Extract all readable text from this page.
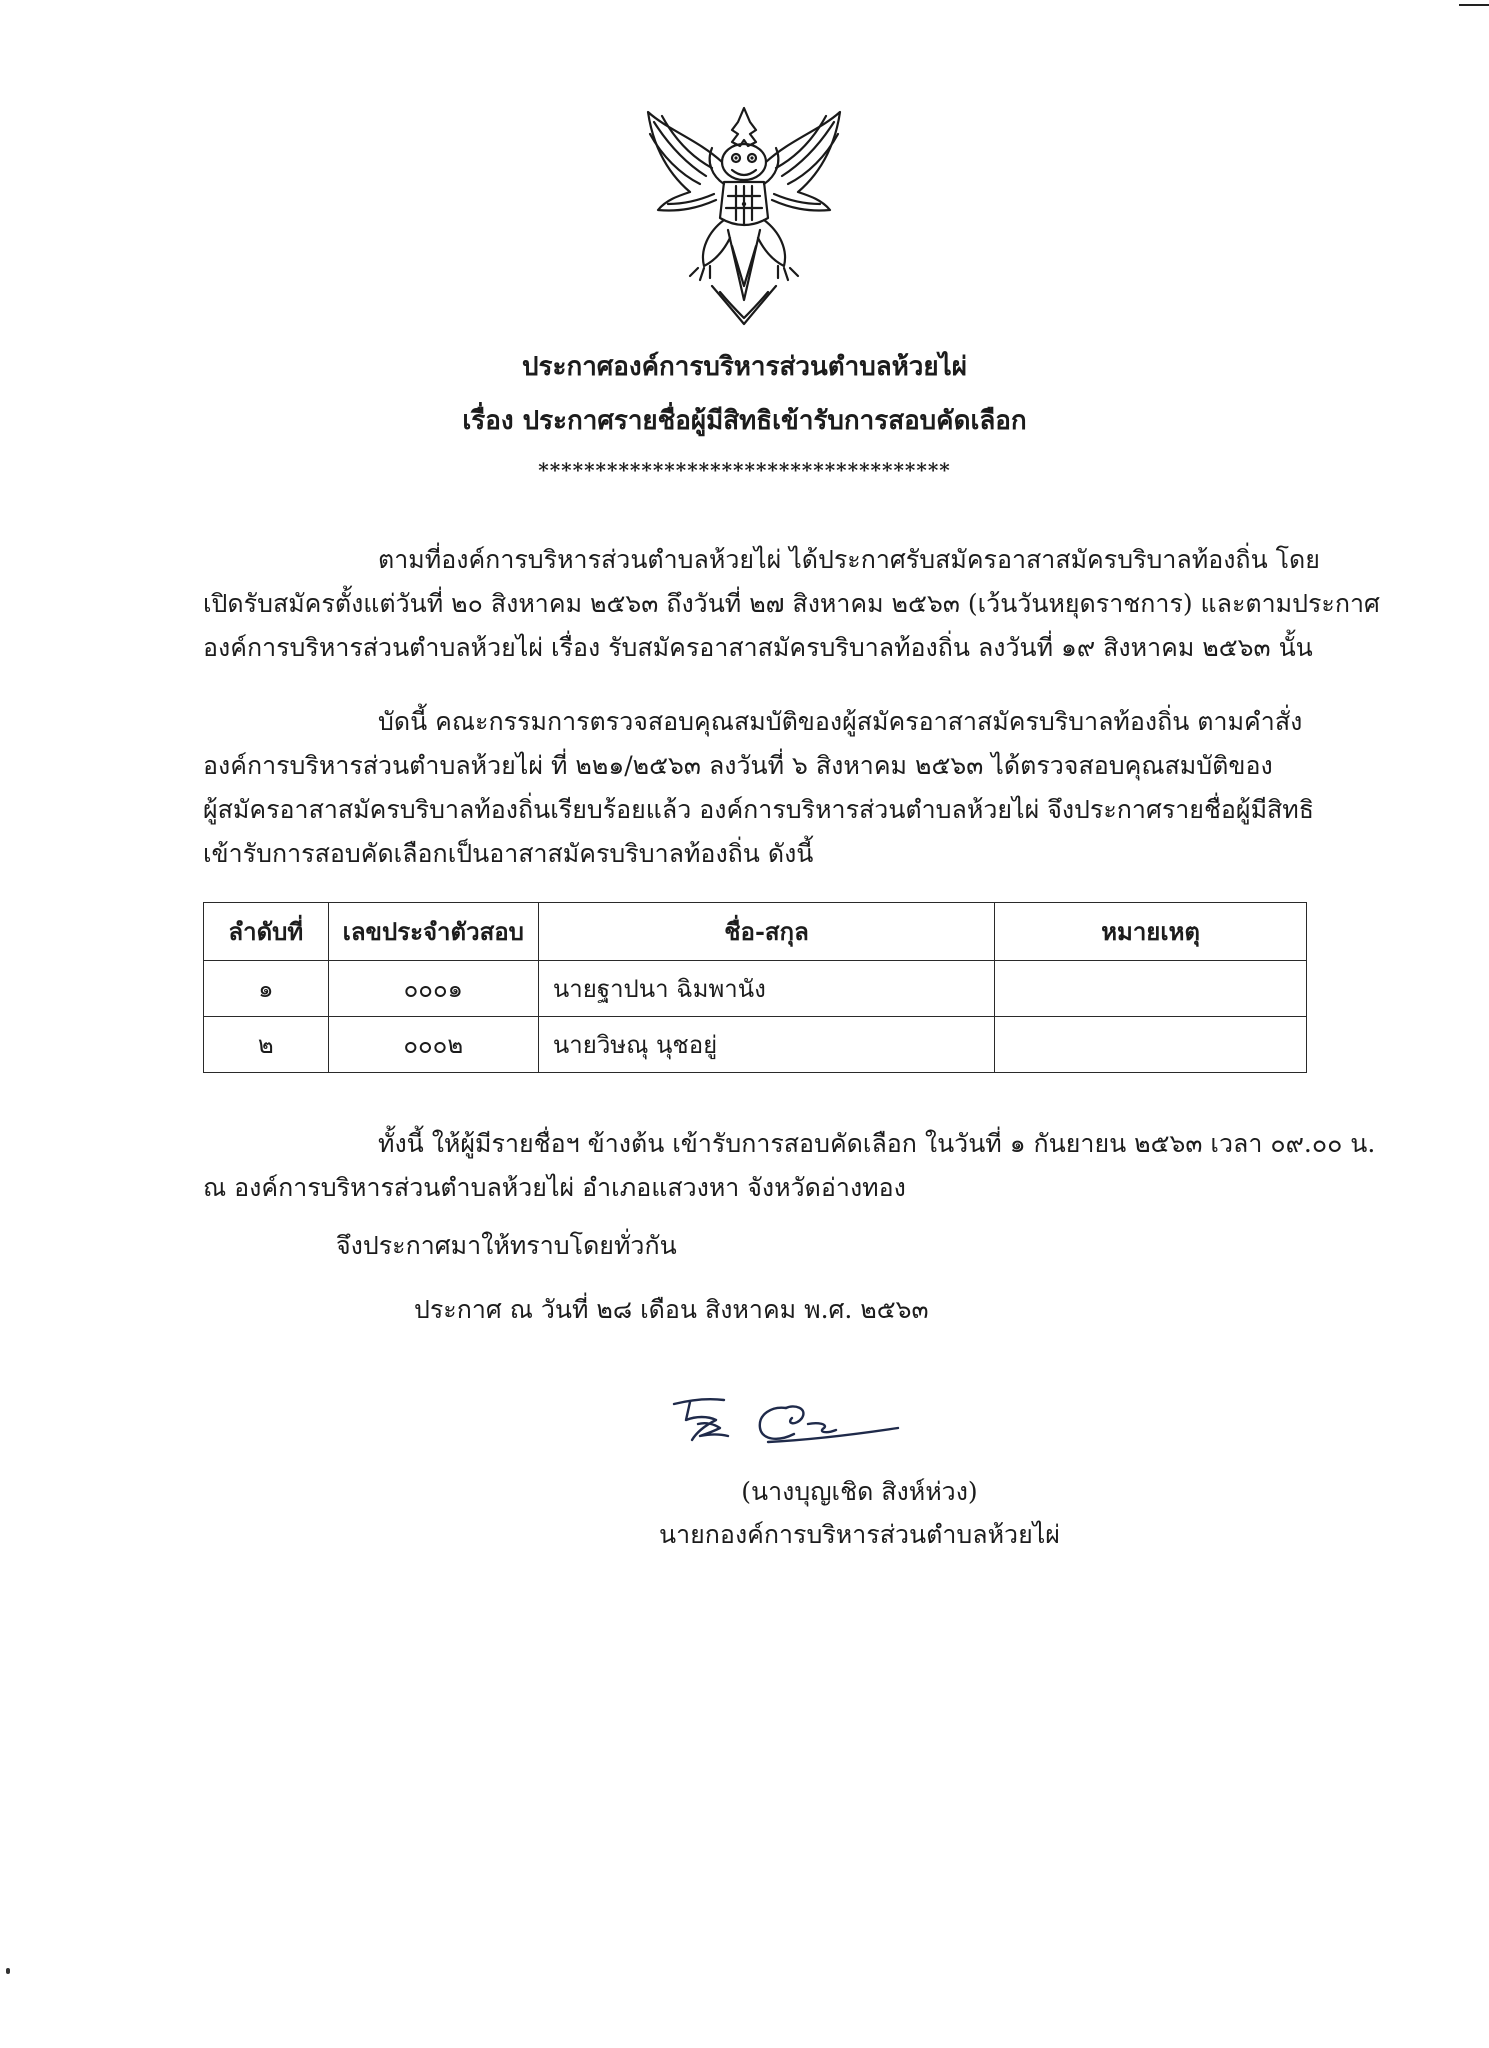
ประกาศองค์การบริหารส่วนตำบลห้วยไผ่
เรื่อง ประกาศรายชื่อผู้มีสิทธิเข้ารับการสอบคัดเลือก
************************************
ตามที่องค์การบริหารส่วนตำบลห้วยไผ่ ได้ประกาศรับสมัครอาสาสมัครบริบาลท้องถิ่น โดย
เปิดรับสมัครตั้งแต่วันที่ ๒๐ สิงหาคม ๒๕๖๓ ถึงวันที่ ๒๗ สิงหาคม ๒๕๖๓ (เว้นวันหยุดราชการ) และตามประกาศ
องค์การบริหารส่วนตำบลห้วยไผ่ เรื่อง รับสมัครอาสาสมัครบริบาลท้องถิ่น ลงวันที่ ๑๙ สิงหาคม ๒๕๖๓ นั้น
บัดนี้ คณะกรรมการตรวจสอบคุณสมบัติของผู้สมัครอาสาสมัครบริบาลท้องถิ่น ตามคำสั่ง
องค์การบริหารส่วนตำบลห้วยไผ่ ที่ ๒๒๑/๒๕๖๓ ลงวันที่ ๖ สิงหาคม ๒๕๖๓ ได้ตรวจสอบคุณสมบัติของ
ผู้สมัครอาสาสมัครบริบาลท้องถิ่นเรียบร้อยแล้ว องค์การบริหารส่วนตำบลห้วยไผ่ จึงประกาศรายชื่อผู้มีสิทธิ
เข้ารับการสอบคัดเลือกเป็นอาสาสมัครบริบาลท้องถิ่น ดังนี้
ลำดับที่	เลขประจำตัวสอบ	ชื่อ-สกุล	หมายเหตุ
๑	๐๐๐๑	นายฐาปนา ฉิมพานัง	
๒	๐๐๐๒	นายวิษณุ นุชอยู่	
ทั้งนี้ ให้ผู้มีรายชื่อฯ ข้างต้น เข้ารับการสอบคัดเลือก ในวันที่ ๑ กันยายน ๒๕๖๓ เวลา ๐๙.๐๐ น.
ณ องค์การบริหารส่วนตำบลห้วยไผ่ อำเภอแสวงหา จังหวัดอ่างทอง
จึงประกาศมาให้ทราบโดยทั่วกัน
ประกาศ ณ วันที่ ๒๘ เดือน สิงหาคม พ.ศ. ๒๕๖๓
(นางบุญเชิด สิงห์ห่วง)
นายกองค์การบริหารส่วนตำบลห้วยไผ่
